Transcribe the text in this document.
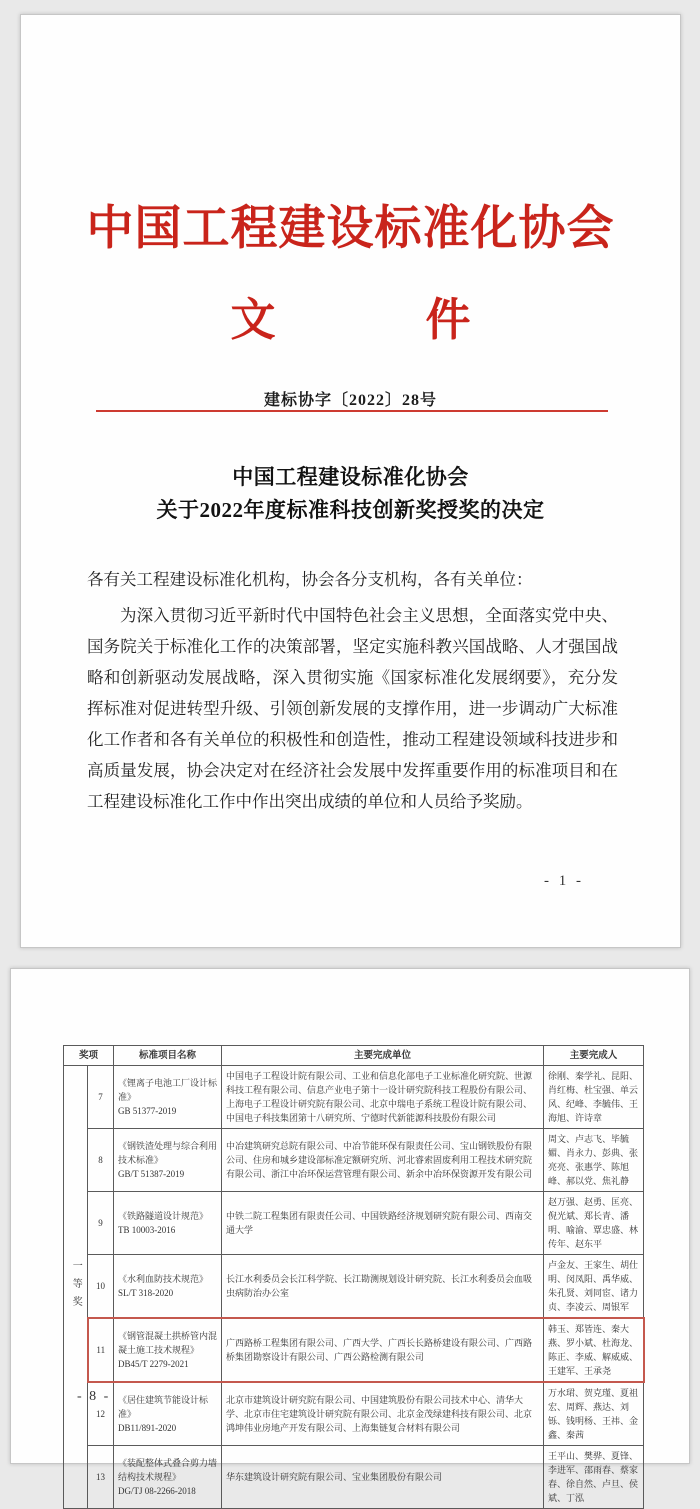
中国工程建设标准化协会
文	件
建标协字〔2022〕28号
中国工程建设标准化协会
关于2022年度标准科技创新奖授奖的决定
各有关工程建设标准化机构，协会各分支机构，各有关单位：
为深入贯彻习近平新时代中国特色社会主义思想，全面落实党中央、国务院关于标准化工作的决策部署，坚定实施科教兴国战略、人才强国战略和创新驱动发展战略，深入贯彻实施《国家标准化发展纲要》，充分发挥标准对促进转型升级、引领创新发展的支撑作用，进一步调动广大标准化工作者和各有关单位的积极性和创造性，推动工程建设领域科技进步和高质量发展，协会决定对在经济社会发展中发挥重要作用的标准项目和在工程建设标准化工作中作出突出成绩的单位和人员给予奖励。
- 1 -
奖项		标准项目名称	主要完成单位	主要完成人

一等奖	7	《锂离子电池工厂设计标准》
GB 51377-2019	中国电子工程设计院有限公司、工业和信息化部电子工业标准化研究院、世源科技工程有限公司、信息产业电子第十一设计研究院科技工程股份有限公司、上海电子工程设计研究院有限公司、北京中瑞电子系统工程设计院有限公司、中国电子科技集团第十八研究所、宁德时代新能源科技股份有限公司	徐刚、秦学礼、昆阳、肖红梅、杜宝强、单云风、纪峰、李毓伟、王海旭、许诗章
	8	《钢铁渣处理与综合利用技术标准》
GB/T 51387-2019	中冶建筑研究总院有限公司、中冶节能环保有限责任公司、宝山钢铁股份有限公司、住房和城乡建设部标准定额研究所、河北睿索固废利用工程技术研究院有限公司、浙江中冶环保运营管理有限公司、新余中冶环保资源开发有限公司	周文、卢志飞、毕毓媚、肖永力、彭典、张亮亮、张惠学、陈旭峰、郝以党、焦礼静
	9	《铁路隧道设计规范》
TB 10003-2016	中铁二院工程集团有限责任公司、中国铁路经济规划研究院有限公司、西南交通大学	赵万强、赵勇、匡亮、倪光斌、郑长青、潘明、喻渝、覃忠盛、林传年、赵东平
	10	《水利血防技术规范》
SL/T 318-2020	长江水利委员会长江科学院、长江勘测规划设计研究院、长江水利委员会血吸虫病防治办公室	卢金友、王家生、胡仕明、闵凤阳、禹华威、朱孔贤、刘同宦、诸力贞、李凌云、周银军
	11	《钢管混凝土拱桥管内混凝土施工技术规程》
DB45/T 2279-2021	广西路桥工程集团有限公司、广西大学、广西长长路桥建设有限公司、广西路桥集团勘察设计有限公司、广西公路检测有限公司	韩玉、郑皆连、秦大燕、罗小斌、杜海龙、陈正、李威、解威威、王建军、王承尧
	12	《居住建筑节能设计标准》
DB11/891-2020	北京市建筑设计研究院有限公司、中国建筑股份有限公司技术中心、清华大学、北京市住宅建筑设计研究院有限公司、北京金茂绿建科技有限公司、北京鸿坤伟业房地产开发有限公司、上海集链复合材料有限公司	万水珺、贺克瑾、夏祖宏、周辉、燕达、刘铄、钱明杨、王祎、金鑫、秦茜
	13	《装配整体式叠合剪力墙结构技术规程》
DG/TJ 08-2266-2018	华东建筑设计研究院有限公司、宝业集团股份有限公司	王平山、樊骅、夏锋、李进军、邵雨春、蔡家春、徐自然、卢旦、侯斌、丁泓
- 8 -
